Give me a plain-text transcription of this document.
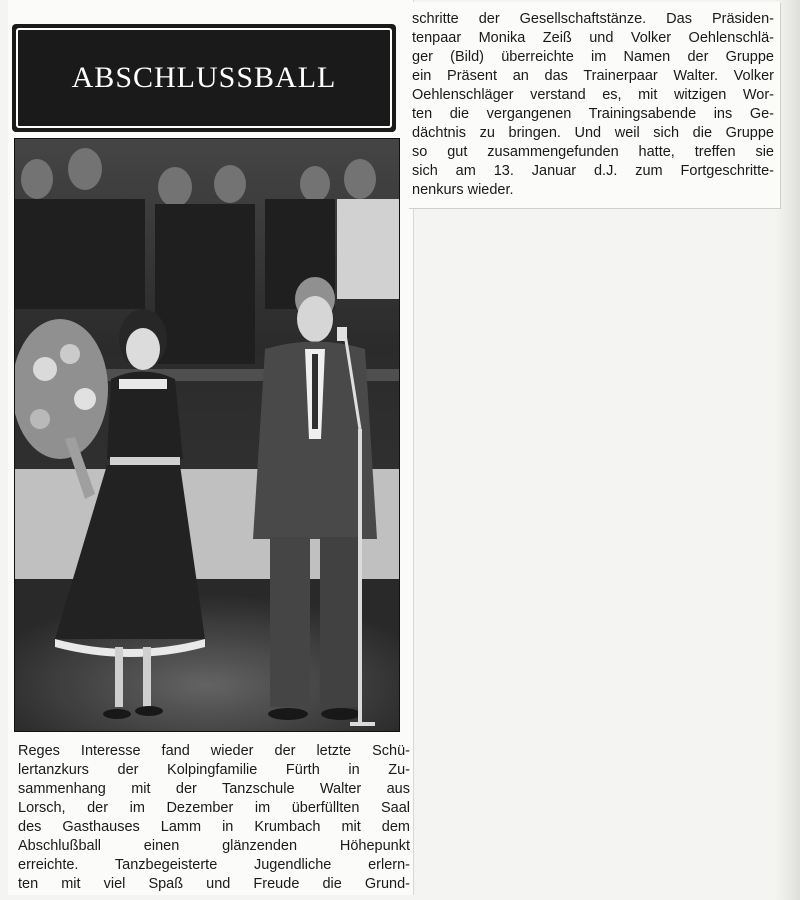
ABSCHLUSSBALL
Reges Interesse fand wieder der letzte Schü-
lertanzkurs der Kolpingfamilie Fürth in Zu-
sammenhang mit der Tanzschule Walter aus
Lorsch, der im Dezember im überfüllten Saal
des Gasthauses Lamm in Krumbach mit dem
Abschlußball einen glänzenden Höhepunkt
erreichte. Tanzbegeisterte Jugendliche erlern-
ten mit viel Spaß und Freude die Grund-
schritte der Gesellschaftstänze. Das Präsiden-
tenpaar Monika Zeiß und Volker Oehlenschlä-
ger (Bild) überreichte im Namen der Gruppe
ein Präsent an das Trainerpaar Walter. Volker
Oehlenschläger verstand es, mit witzigen Wor-
ten die vergangenen Trainingsabende ins Ge-
dächtnis zu bringen. Und weil sich die Gruppe
so gut zusammengefunden hatte, treffen sie
sich am 13. Januar d.J. zum Fortgeschritte-
nenkurs wieder.
